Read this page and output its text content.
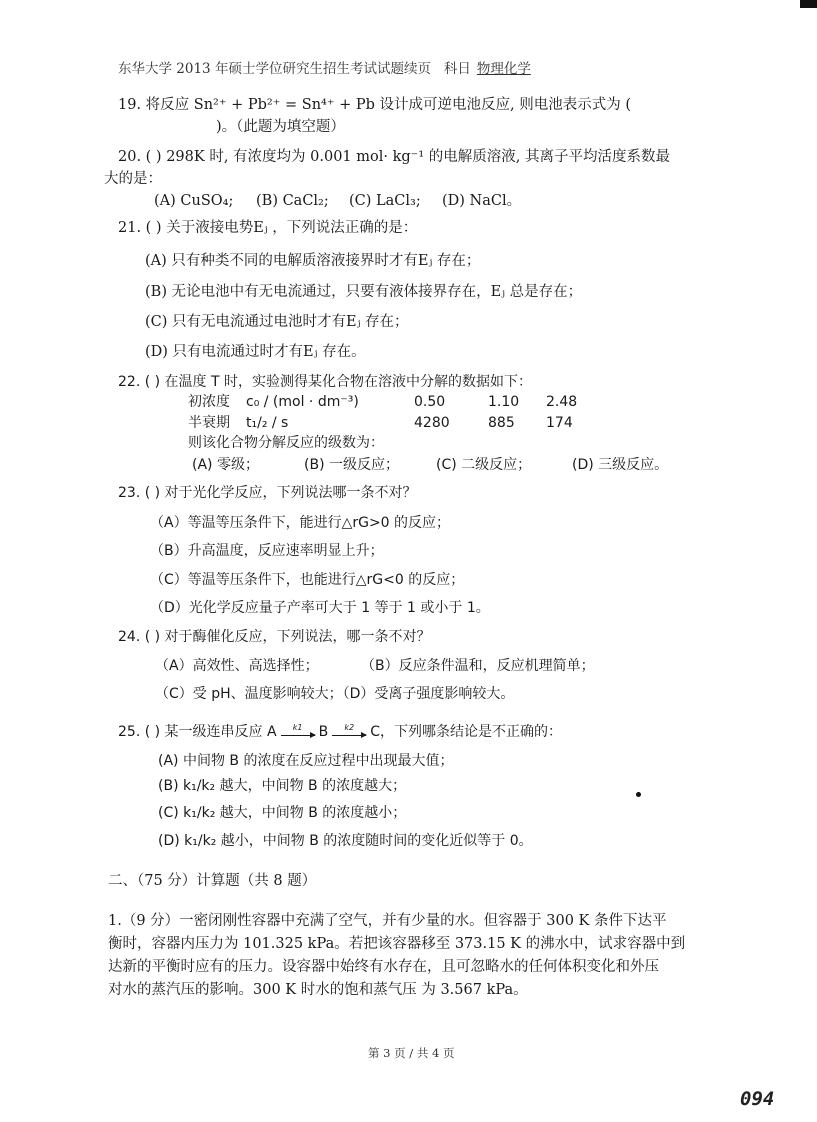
东华大学 2013 年硕士学位研究生招生考试试题续页 科日 物理化学
19. 将反应 Sn²⁺ + Pb²⁺ = Sn⁴⁺ + Pb 设计成可逆电池反应, 则电池表示式为 (
)。（此题为填空题）
20. ( ) 298K 时, 有浓度均为 0.001 mol· kg⁻¹ 的电解质溶液, 其离子平均活度系数最
大的是：
(A) CuSO₄; (B) CaCl₂; (C) LaCl₃; (D) NaCl。
21. ( ) 关于液接电势Eⱼ ，下列说法正确的是：
(A) 只有种类不同的电解质溶液接界时才有Eⱼ 存在；
(B) 无论电池中有无电流通过，只要有液体接界存在，Eⱼ 总是存在；
(C) 只有无电流通过电池时才有Eⱼ 存在；
(D) 只有电流通过时才有Eⱼ 存在。
22. ( ) 在温度 T 时，实验测得某化合物在溶液中分解的数据如下：
初浓度 c₀ / (mol · dm⁻³)	0.50	1.10 2.48
半衰期 t₁/₂ / s	4280	885 174
则该化合物分解反应的级数为：
(A) 零级；	(B) 一级反应；	(C) 二级反应；	(D) 三级反应。
23. ( ) 对于光化学反应，下列说法哪一条不对？
（A）等温等压条件下，能进行△rG>0 的反应；
（B）升高温度，反应速率明显上升；
（C）等温等压条件下，也能进行△rG<0 的反应；
（D）光化学反应量子产率可大于 1 等于 1 或小于 1。
24. ( ) 对于酶催化反应，下列说法，哪一条不对？
（A）高效性、高选择性；	（B）反应条件温和，反应机理简单；
（C）受 pH、温度影响较大；（D）受离子强度影响较大。
25. ( ) 某一级连串反应 A k1 B k2 C，下列哪条结论是不正确的：
(A) 中间物 B 的浓度在反应过程中出现最大值；
(B) k₁/k₂ 越大，中间物 B 的浓度越大；
(C) k₁/k₂ 越大，中间物 B 的浓度越小；
(D) k₁/k₂ 越小，中间物 B 的浓度随时间的变化近似等于 0。
二、（75 分）计算题（共 8 题）
1.（9 分）一密闭刚性容器中充满了空气，并有少量的水。但容器于 300 K 条件下达平
衡时，容器内压力为 101.325 kPa。若把该容器移至 373.15 K 的沸水中，试求容器中到
达新的平衡时应有的压力。设容器中始终有水存在，且可忽略水的任何体积变化和外压
对水的蒸汽压的影响。300 K 时水的饱和蒸气压 为 3.567 kPa。
第 3 页 / 共 4 页
094
